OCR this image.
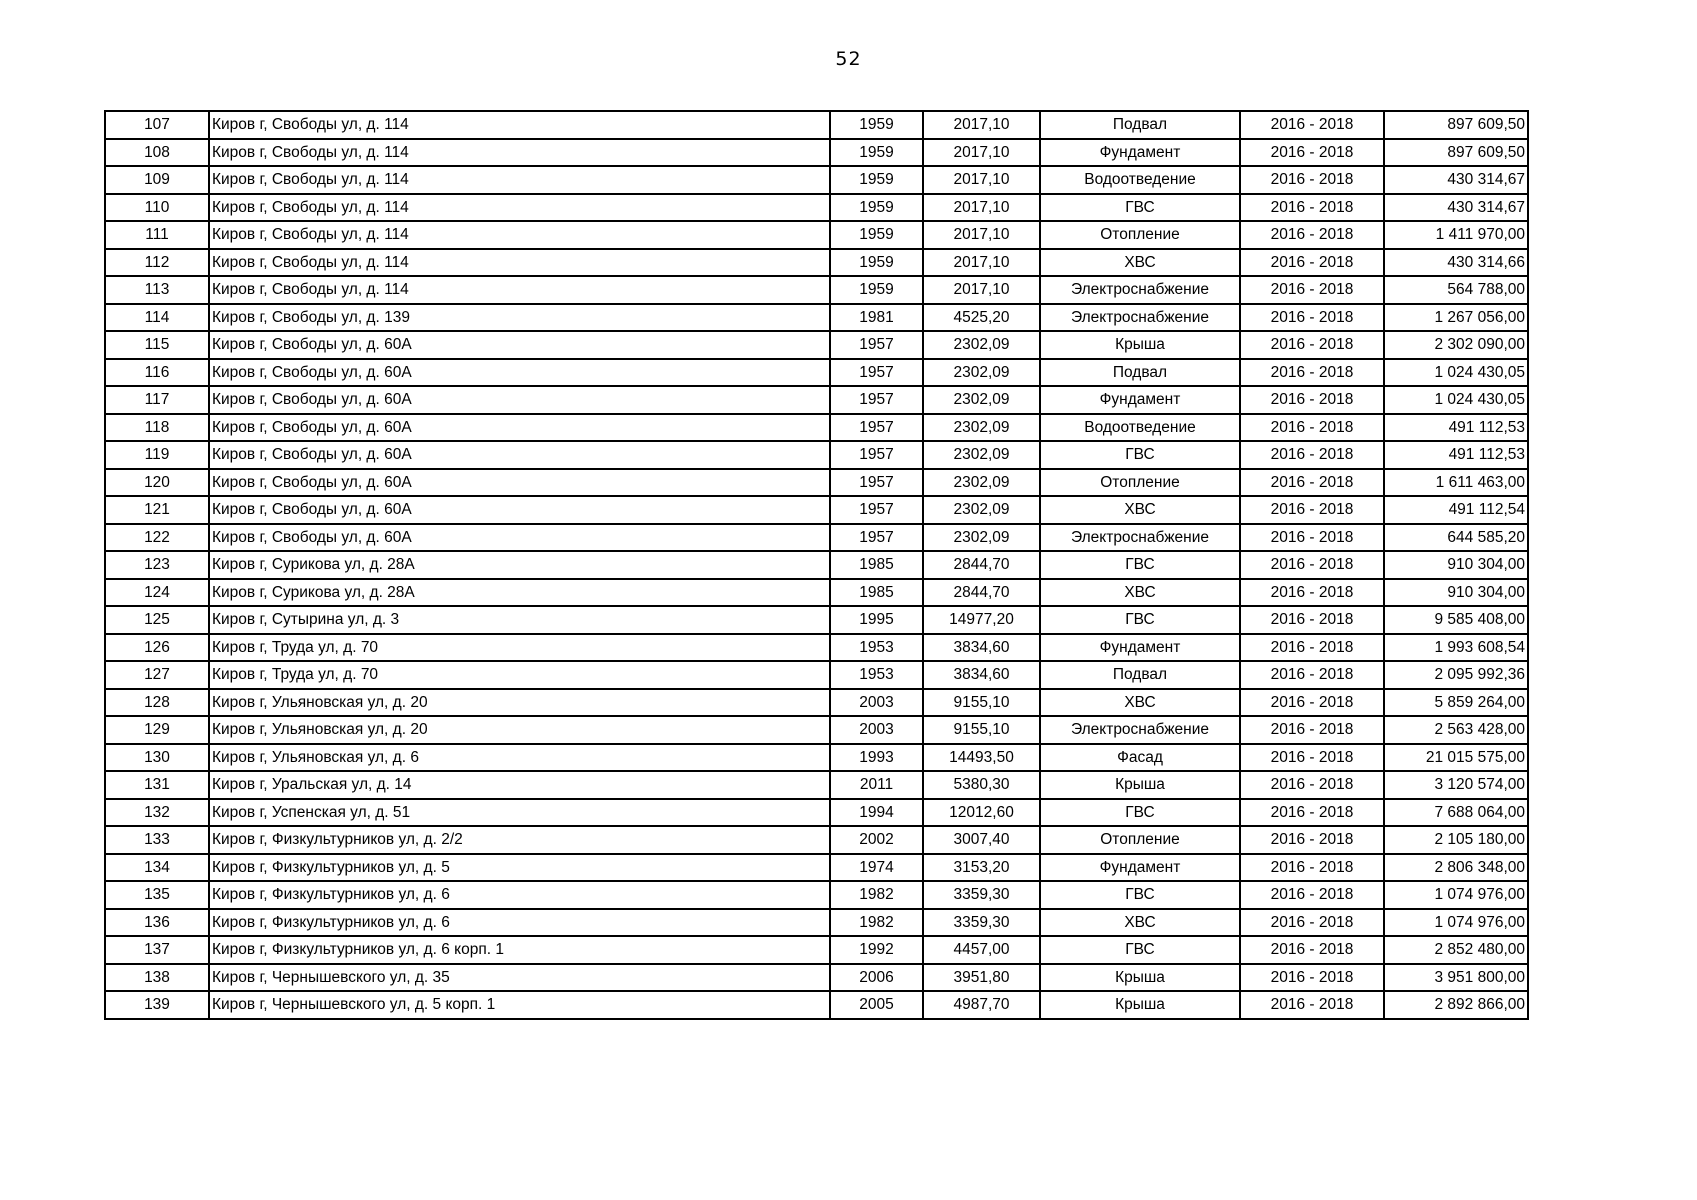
52
107	Киров г, Свободы ул, д. 114	1959	2017,10	Подвал	2016 - 2018	897 609,50
108	Киров г, Свободы ул, д. 114	1959	2017,10	Фундамент	2016 - 2018	897 609,50
109	Киров г, Свободы ул, д. 114	1959	2017,10	Водоотведение	2016 - 2018	430 314,67
110	Киров г, Свободы ул, д. 114	1959	2017,10	ГВС	2016 - 2018	430 314,67
111	Киров г, Свободы ул, д. 114	1959	2017,10	Отопление	2016 - 2018	1 411 970,00
112	Киров г, Свободы ул, д. 114	1959	2017,10	ХВС	2016 - 2018	430 314,66
113	Киров г, Свободы ул, д. 114	1959	2017,10	Электроснабжение	2016 - 2018	564 788,00
114	Киров г, Свободы ул, д. 139	1981	4525,20	Электроснабжение	2016 - 2018	1 267 056,00
115	Киров г, Свободы ул, д. 60А	1957	2302,09	Крыша	2016 - 2018	2 302 090,00
116	Киров г, Свободы ул, д. 60А	1957	2302,09	Подвал	2016 - 2018	1 024 430,05
117	Киров г, Свободы ул, д. 60А	1957	2302,09	Фундамент	2016 - 2018	1 024 430,05
118	Киров г, Свободы ул, д. 60А	1957	2302,09	Водоотведение	2016 - 2018	491 112,53
119	Киров г, Свободы ул, д. 60А	1957	2302,09	ГВС	2016 - 2018	491 112,53
120	Киров г, Свободы ул, д. 60А	1957	2302,09	Отопление	2016 - 2018	1 611 463,00
121	Киров г, Свободы ул, д. 60А	1957	2302,09	ХВС	2016 - 2018	491 112,54
122	Киров г, Свободы ул, д. 60А	1957	2302,09	Электроснабжение	2016 - 2018	644 585,20
123	Киров г, Сурикова ул, д. 28А	1985	2844,70	ГВС	2016 - 2018	910 304,00
124	Киров г, Сурикова ул, д. 28А	1985	2844,70	ХВС	2016 - 2018	910 304,00
125	Киров г, Сутырина ул, д. 3	1995	14977,20	ГВС	2016 - 2018	9 585 408,00
126	Киров г, Труда ул, д. 70	1953	3834,60	Фундамент	2016 - 2018	1 993 608,54
127	Киров г, Труда ул, д. 70	1953	3834,60	Подвал	2016 - 2018	2 095 992,36
128	Киров г, Ульяновская ул, д. 20	2003	9155,10	ХВС	2016 - 2018	5 859 264,00
129	Киров г, Ульяновская ул, д. 20	2003	9155,10	Электроснабжение	2016 - 2018	2 563 428,00
130	Киров г, Ульяновская ул, д. 6	1993	14493,50	Фасад	2016 - 2018	21 015 575,00
131	Киров г, Уральская ул, д. 14	2011	5380,30	Крыша	2016 - 2018	3 120 574,00
132	Киров г, Успенская ул, д. 51	1994	12012,60	ГВС	2016 - 2018	7 688 064,00
133	Киров г, Физкультурников ул, д. 2/2	2002	3007,40	Отопление	2016 - 2018	2 105 180,00
134	Киров г, Физкультурников ул, д. 5	1974	3153,20	Фундамент	2016 - 2018	2 806 348,00
135	Киров г, Физкультурников ул, д. 6	1982	3359,30	ГВС	2016 - 2018	1 074 976,00
136	Киров г, Физкультурников ул, д. 6	1982	3359,30	ХВС	2016 - 2018	1 074 976,00
137	Киров г, Физкультурников ул, д. 6 корп. 1	1992	4457,00	ГВС	2016 - 2018	2 852 480,00
138	Киров г, Чернышевского ул, д. 35	2006	3951,80	Крыша	2016 - 2018	3 951 800,00
139	Киров г, Чернышевского ул, д. 5 корп. 1	2005	4987,70	Крыша	2016 - 2018	2 892 866,00
